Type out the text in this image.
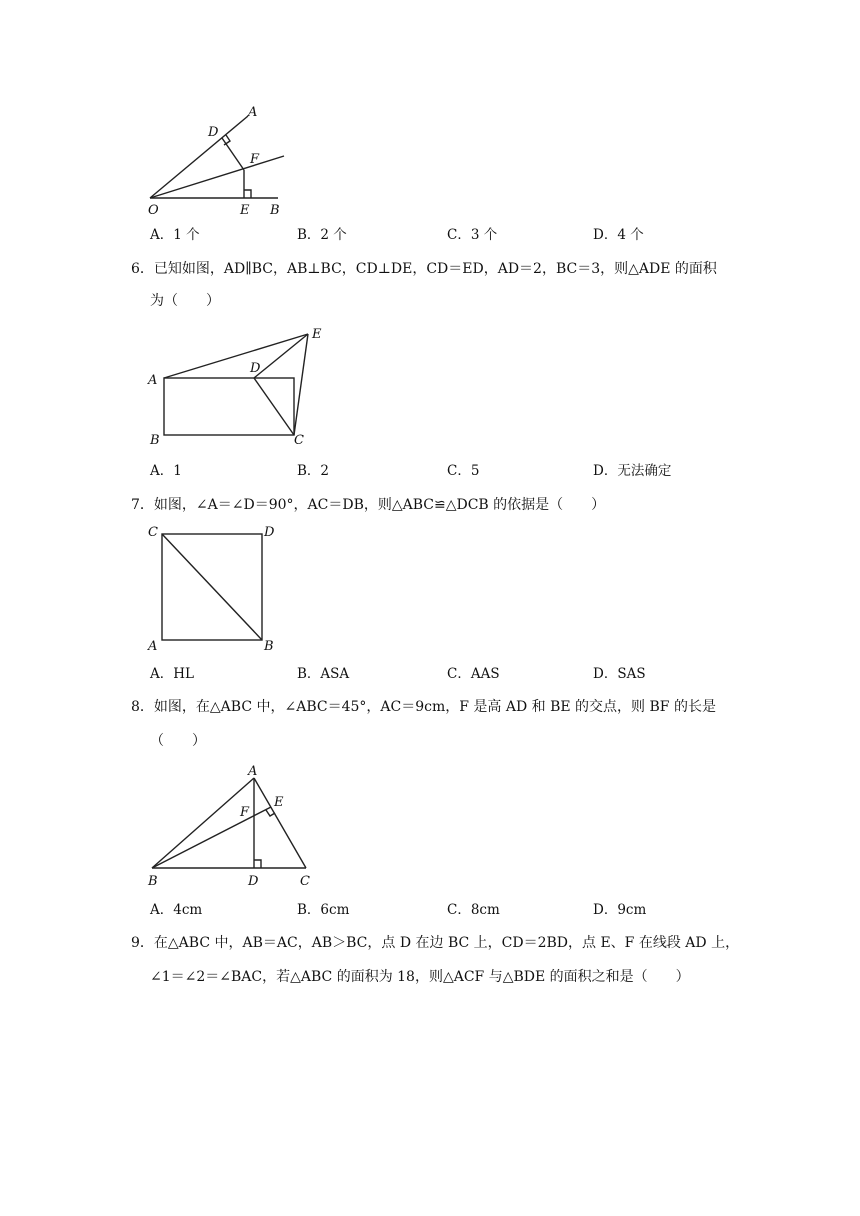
A
D
F
O	E B
A．1 个	B．2 个	C．3 个	D．4 个
6．已知如图，AD∥BC，AB⊥BC，CD⊥DE，CD＝ED，AD＝2，BC＝3，则△ADE 的面积
为（　　）
A
B	C
D
E
A．1	B．2	C．5	D．无法确定
7．如图，∠A＝∠D＝90°，AC＝DB，则△ABC≌△DCB 的依据是（　　）
C	D
A	B
A．HL	B．ASA	C．AAS	D．SAS
8．如图，在△ABC 中，∠ABC＝45°，AC＝9cm，F 是高 AD 和 BE 的交点，则 BF 的长是
（　　）
A
E
F
B	D	C
A．4cm	B．6cm	C．8cm	D．9cm
9．在△ABC 中，AB＝AC，AB＞BC，点 D 在边 BC 上，CD＝2BD，点 E、F 在线段 AD 上，
∠1＝∠2＝∠BAC，若△ABC 的面积为 18，则△ACF 与△BDE 的面积之和是（　　）
